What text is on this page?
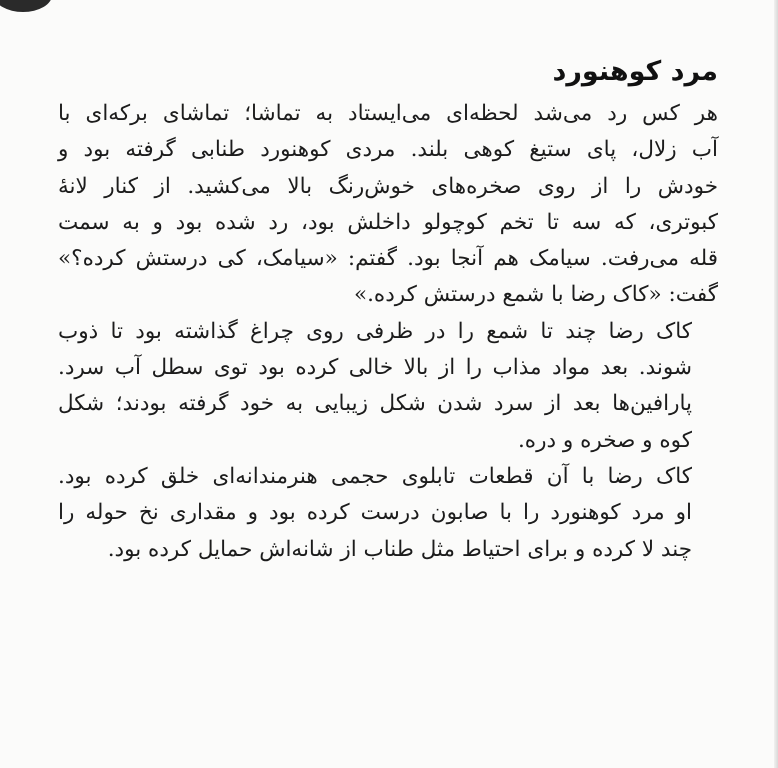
مرد کوهنورد

هر کس رد می‌شد لحظه‌ای می‌ایستاد به تماشا؛ تماشای برکه‌ای با
آب زلال، پای ستیغ کوهی بلند. مردی کوهنورد طنابی گرفته بود و
خودش را از روی صخره‌های خوش‌رنگ بالا می‌کشید. از کنار لانهٔ
کبوتری، که سه تا تخم کوچولو داخلش بود، رد شده بود و به سمت
قله می‌رفت. سیامک هم آنجا بود. گفتم: «سیامک، کی درستش کرده؟»
گفت: «کاک رضا با شمع درستش کرده.»

کاک رضا چند تا شمع را در ظرفی روی چراغ گذاشته بود تا ذوب
شوند. بعد مواد مذاب را از بالا خالی کرده بود توی سطل آب سرد.
پارافین‌ها بعد از سرد شدن شکل زیبایی به خود گرفته بودند؛ شکل
کوه و صخره و دره.

کاک رضا با آن قطعات تابلوی حجمی هنرمندانه‌ای خلق کرده بود.
او مرد کوهنورد را با صابون درست کرده بود و مقداری نخ حوله را
چند لا کرده و برای احتیاط مثل طناب از شانه‌اش حمایل کرده بود.
